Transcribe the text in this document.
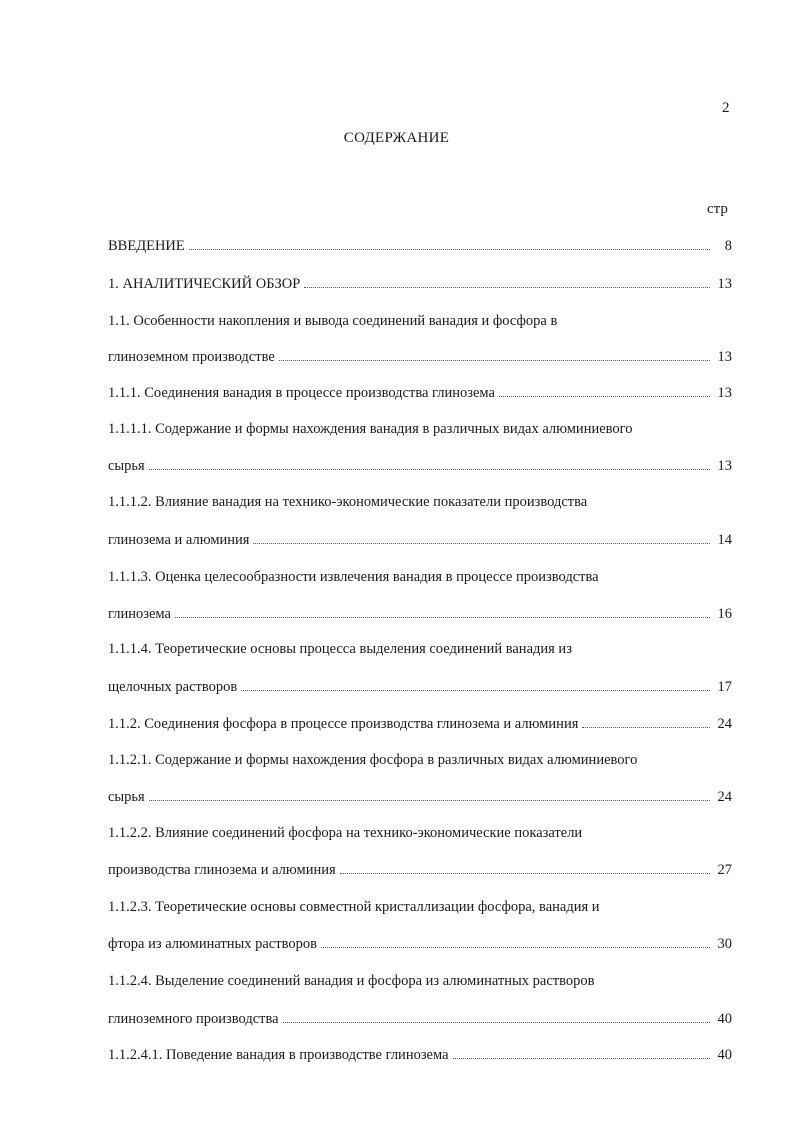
2
СОДЕРЖАНИЕ
стр
ВВЕДЕНИЕ	8
1. АНАЛИТИЧЕСКИЙ ОБЗОР	13
1.1. Особенности накопления и вывода соединений ванадия и фосфора в
глиноземном производстве	13
1.1.1. Соединения ванадия в процессе производства глинозема	13
1.1.1.1. Содержание и формы нахождения ванадия в различных видах алюминиевого
сырья	13
1.1.1.2. Влияние ванадия на технико-экономические показатели производства
глинозема и алюминия	14
1.1.1.3. Оценка целесообразности извлечения ванадия в процессе производства
глинозема	16
1.1.1.4. Теоретические основы процесса выделения соединений ванадия из
щелочных растворов	17
1.1.2. Соединения фосфора в процессе производства глинозема и алюминия	24
1.1.2.1. Содержание и формы нахождения фосфора в различных видах алюминиевого
сырья	24
1.1.2.2. Влияние соединений фосфора на технико-экономические показатели
производства глинозема и алюминия	27
1.1.2.3. Теоретические основы совместной кристаллизации фосфора, ванадия и
фтора из алюминатных растворов	30
1.1.2.4. Выделение соединений ванадия и фосфора из алюминатных растворов
глиноземного производства	40
1.1.2.4.1. Поведение ванадия в производстве глинозема	40
